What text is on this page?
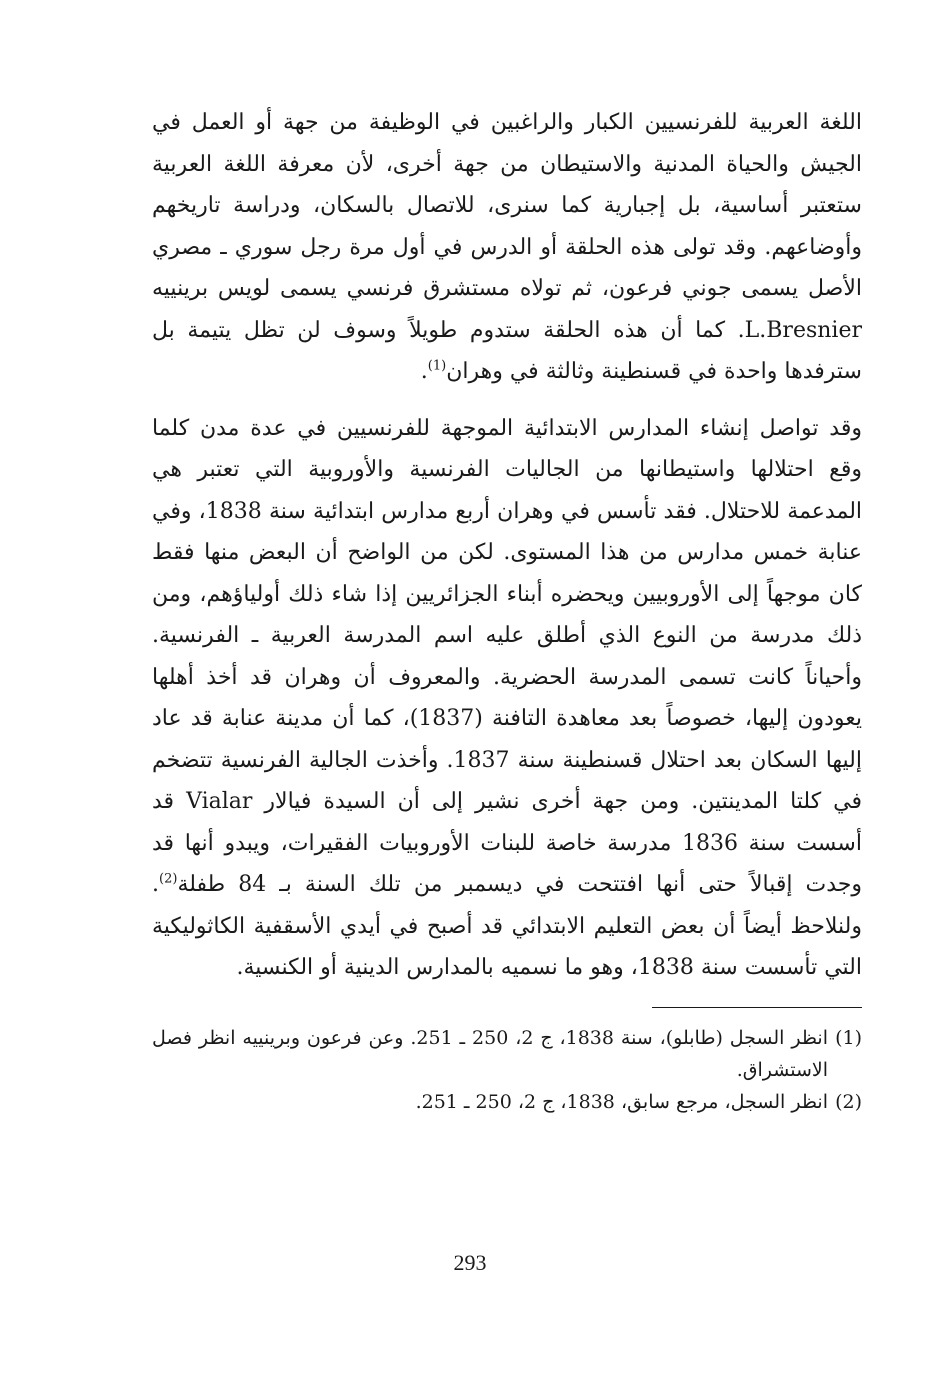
اللغة العربية للفرنسيين الكبار والراغبين في الوظيفة من جهة أو العمل في الجيش والحياة المدنية والاستيطان من جهة أخرى، لأن معرفة اللغة العربية ستعتبر أساسية، بل إجبارية كما سنرى، للاتصال بالسكان، ودراسة تاريخهم وأوضاعهم. وقد تولى هذه الحلقة أو الدرس في أول مرة رجل سوري ـ مصري الأصل يسمى جوني فرعون، ثم تولاه مستشرق فرنسي يسمى لويس برينييه L.Bresnier. كما أن هذه الحلقة ستدوم طويلاً وسوف لن تظل يتيمة بل سترفدها واحدة في قسنطينة وثالثة في وهران$^{(1)}$.

وقد تواصل إنشاء المدارس الابتدائية الموجهة للفرنسيين في عدة مدن كلما وقع احتلالها واستيطانها من الجاليات الفرنسية والأوروبية التي تعتبر هي المدعمة للاحتلال. فقد تأسس في وهران أربع مدارس ابتدائية سنة 1838، وفي عنابة خمس مدارس من هذا المستوى. لكن من الواضح أن البعض منها فقط كان موجهاً إلى الأوروبيين ويحضره أبناء الجزائريين إذا شاء ذلك أولياؤهم، ومن ذلك مدرسة من النوع الذي أطلق عليه اسم المدرسة العربية ـ الفرنسية. وأحياناً كانت تسمى المدرسة الحضرية. والمعروف أن وهران قد أخذ أهلها يعودون إليها، خصوصاً بعد معاهدة التافنة (1837)، كما أن مدينة عنابة قد عاد إليها السكان بعد احتلال قسنطينة سنة 1837. وأخذت الجالية الفرنسية تتضخم في كلتا المدينتين. ومن جهة أخرى نشير إلى أن السيدة فيالار Vialar قد أسست سنة 1836 مدرسة خاصة للبنات الأوروبيات الفقيرات، ويبدو أنها قد وجدت إقبالاً حتى أنها افتتحت في ديسمبر من تلك السنة بـ 84 طفلة$^{(2)}$. ولنلاحظ أيضاً أن بعض التعليم الابتدائي قد أصبح في أيدي الأسقفية الكاثوليكية التي تأسست سنة 1838، وهو ما نسميه بالمدارس الدينية أو الكنسية.

(1)
انظر السجل (طابلو)، سنة 1838، ج 2، 250 ـ 251. وعن فرعون وبرينييه انظر فصل الاستشراق.
(2)
انظر السجل، مرجع سابق، 1838، ج 2، 250 ـ 251.
293
